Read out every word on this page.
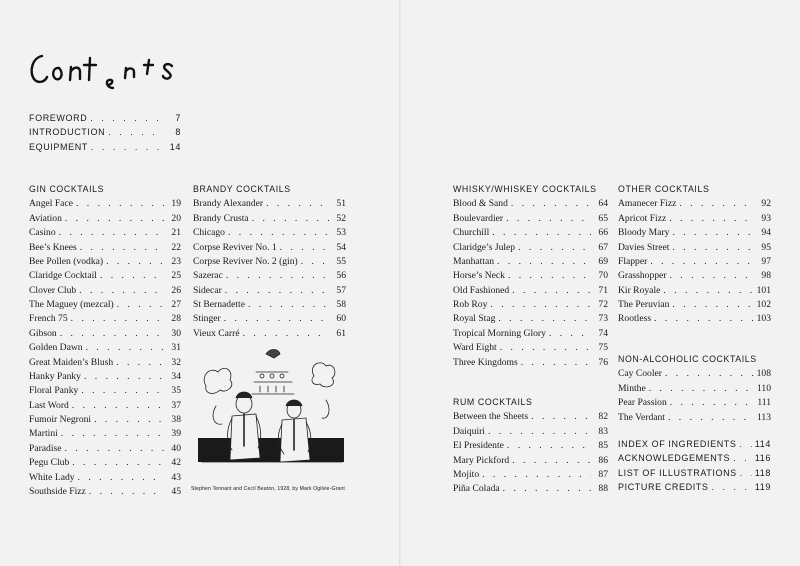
FOREWORD . . .	7
INTRODUCTION . . .	8
EQUIPMENT . . .	14
GIN COCKTAILS
Angel Face . . .	19
Aviation . . .	20
Casino . . .	21
Bee’s Knees . . .	22
Bee Pollen (vodka) . . .	23
Claridge Cocktail . . .	25
Clover Club . . .	26
The Maguey (mezcal) . . .	27
French 75 . . .	28
Gibson . . .	30
Golden Dawn . . .	31
Great Maiden’s Blush . . .	32
Hanky Panky . . .	34
Floral Panky . . .	35
Last Word . . .	37
Fumoir Negroni . . .	38
Martini . . .	39
Paradise . . .	40
Pegu Club . . .	42
White Lady . . .	43
Southside Fizz . . .	45
BRANDY COCKTAILS
Brandy Alexander . . .	51
Brandy Crusta . . .	52
Chicago . . .	53
Corpse Reviver No. 1 . . .	54
Corpse Reviver No. 2 (gin) . . .	55
Sazerac . . .	56
Sidecar . . .	57
St Bernadette . . .	58
Stinger . . .	60
Vieux Carré . . .	61
Stephen Tennant and Cecil Beaton, 1928, by Mark Ogilvie-Grant
WHISKY/WHISKEY COCKTAILS
Blood & Sand . . .	64
Boulevardier . . .	65
Churchill . . .	66
Claridge’s Julep . . .	67
Manhattan . . .	69
Horse’s Neck . . .	70
Old Fashioned . . .	71
Rob Roy . . .	72
Royal Stag . . .	73
Tropical Morning Glory . . .	74
Ward Eight . . .	75
Three Kingdoms . . .	76
RUM COCKTAILS
Between the Sheets . . .	82
Daiquiri . . .	83
El Presidente . . .	85
Mary Pickford . . .	86
Mojito . . .	87
Piña Colada . . .	88
OTHER COCKTAILS
Amanecer Fizz . . .	92
Apricot Fizz . . .	93
Bloody Mary . . .	94
Davies Street . . .	95
Flapper . . .	97
Grasshopper . . .	98
Kir Royale . . .	101
The Peruvian . . .	102
Rootless . . .	103
NON-ALCOHOLIC COCKTAILS
Cay Cooler . . .	108
Minthe . . .	110
Pear Passion . . .	111
The Verdant . . .	113
INDEX OF INGREDIENTS . . . 114
ACKNOWLEDGEMENTS . . .	116
LIST OF ILLUSTRATIONS . . . 118
PICTURE CREDITS . . .	119
